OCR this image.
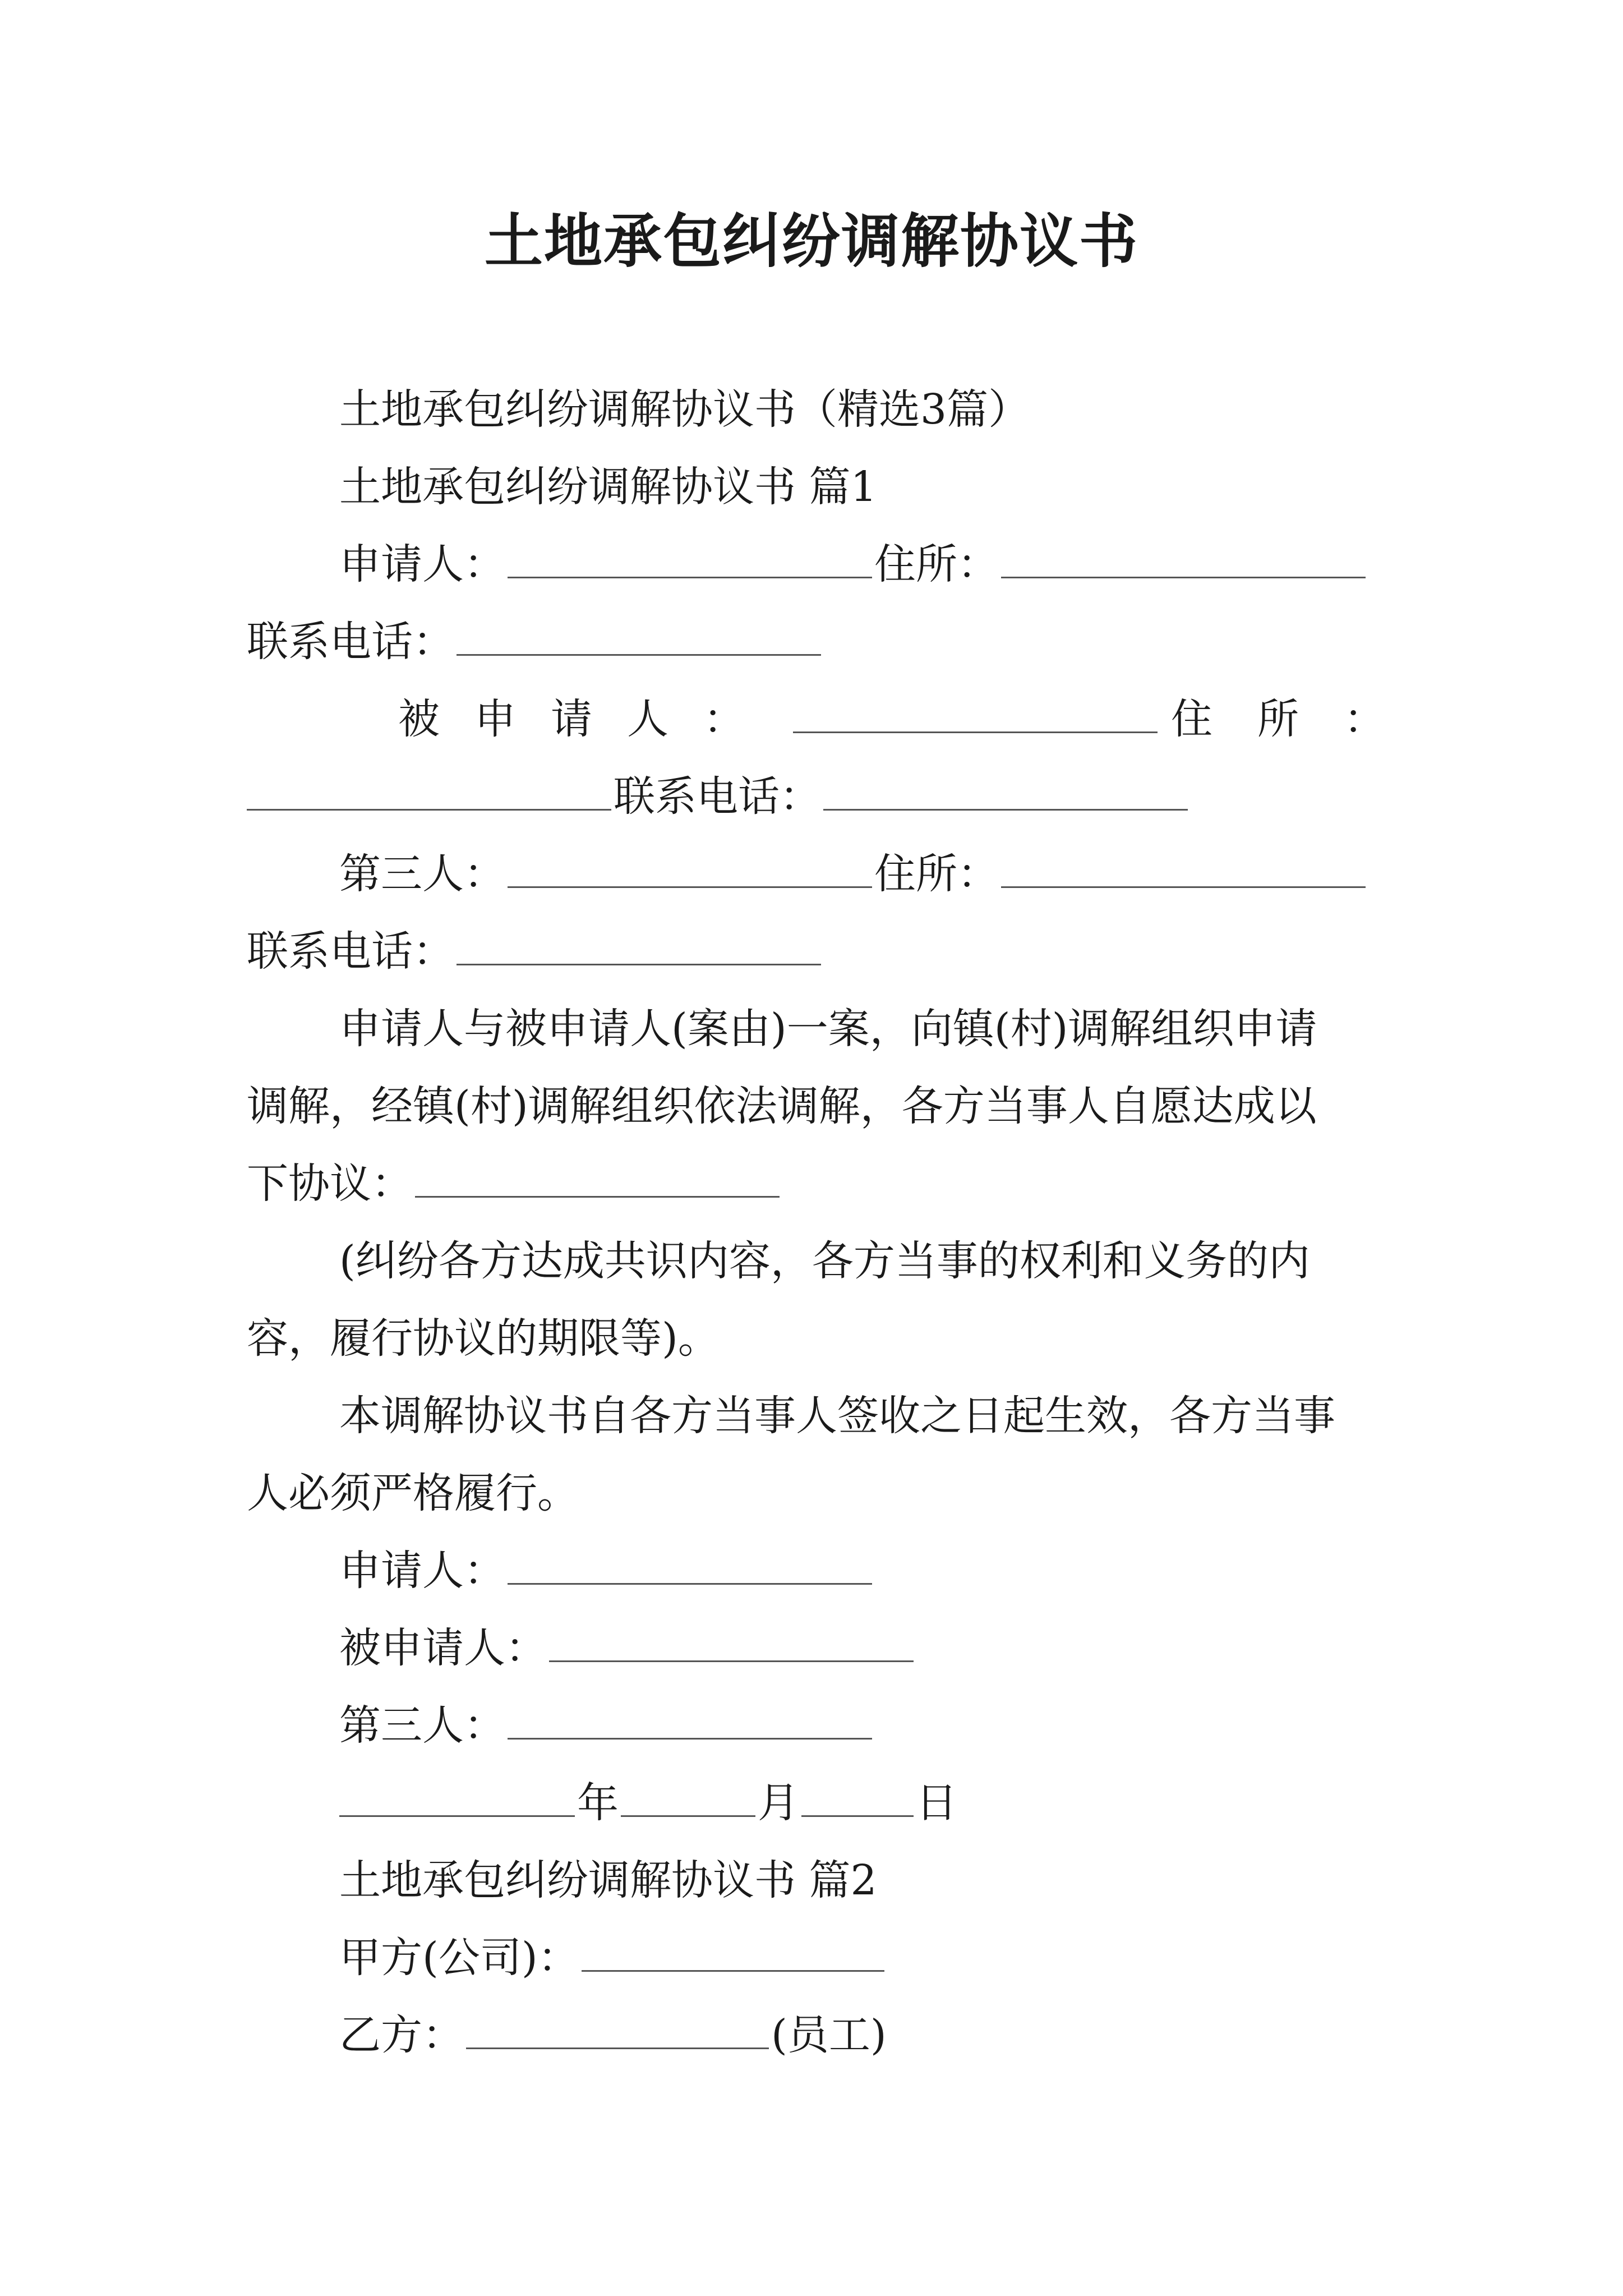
土地承包纠纷调解协议书
土地承包纠纷调解协议书（精选3篇）
土地承包纠纷调解协议书 篇1
申请人：	住所：
联系电话：
被申请人：	住所：
联系电话：
第三人：	住所：
联系电话：
申请人与被申请人(案由)一案，向镇(村)调解组织申请
调解，经镇(村)调解组织依法调解，各方当事人自愿达成以
下协议：
(纠纷各方达成共识内容，各方当事的权利和义务的内
容，履行协议的期限等)。
本调解协议书自各方当事人签收之日起生效，各方当事
人必须严格履行。
申请人：
被申请人：
第三人：
年	月	日
土地承包纠纷调解协议书 篇2
甲方(公司)：
乙方：	(员工)
